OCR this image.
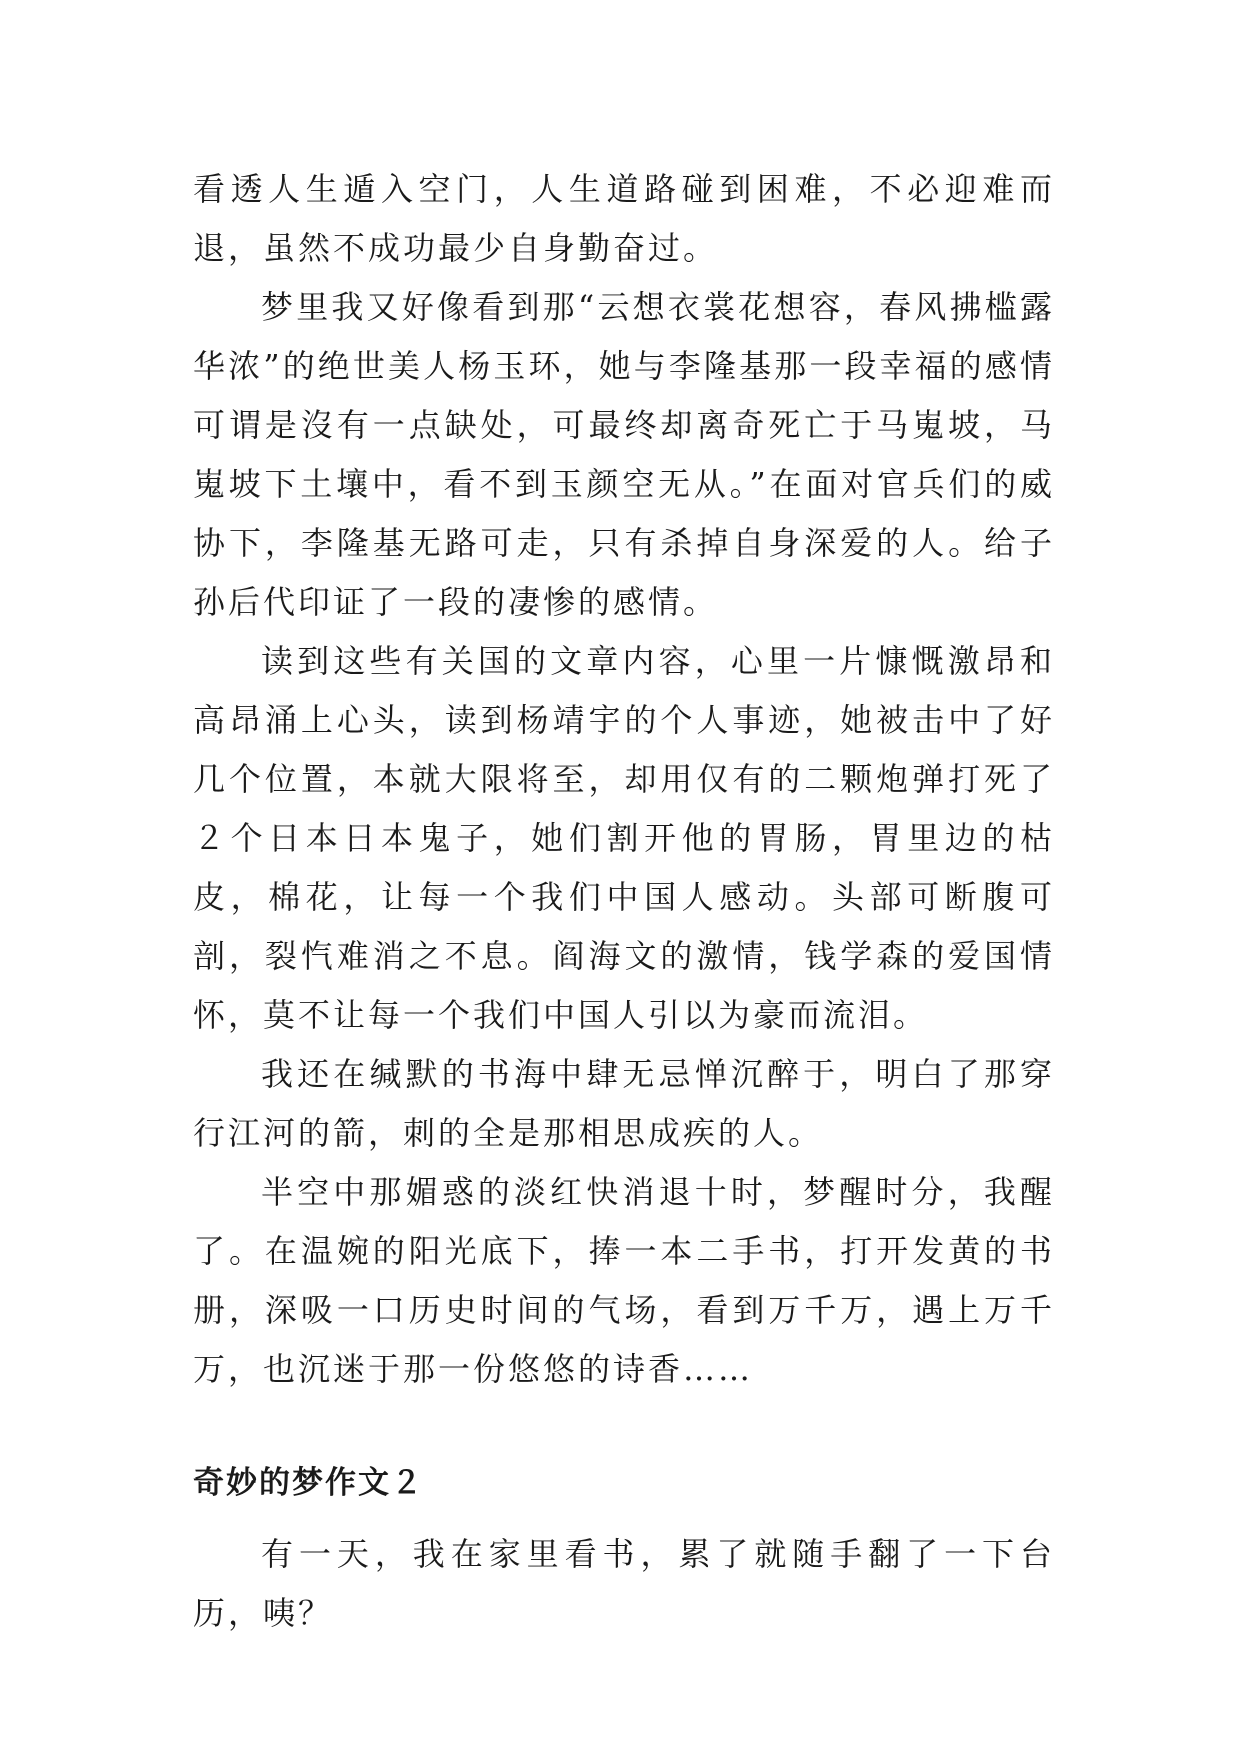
看透人生遁入空门，人生道路碰到困难，不必迎难而退，虽然不成功最少自身勤奋过。

梦里我又好像看到那“云想衣裳花想容，春风拂槛露华浓”的绝世美人杨玉环，她与李隆基那一段幸福的感情可谓是沒有一点缺处，可最终却离奇死亡于马嵬坡，马嵬坡下土壤中，看不到玉颜空无从。”在面对官兵们的威协下，李隆基无路可走，只有杀掉自身深爱的人。给子孙后代印证了一段的凄惨的感情。

读到这些有关国的文章内容，心里一片慷慨激昂和高昂涌上心头，读到杨靖宇的个人事迹，她被击中了好几个位置，本就大限将至，却用仅有的二颗炮弹打死了２个日本日本鬼子，她们割开他的胃肠，胃里边的枯皮，棉花，让每一个我们中国人感动。头部可断腹可剖，裂忾难消之不息。阎海文的激情，钱学森的爱国情怀，莫不让每一个我们中国人引以为豪而流泪。

我还在缄默的书海中肆无忌惮沉醉于，明白了那穿行江河的箭，刺的全是那相思成疾的人。

半空中那媚惑的淡红快消退十时，梦醒时分，我醒了。在温婉的阳光底下，捧一本二手书，打开发黄的书册，深吸一口历史时间的气场，看到万千万，遇上万千万，也沉迷于那一份悠悠的诗香……

奇妙的梦作文２

有一天，我在家里看书，累了就随手翻了一下台历，咦？
